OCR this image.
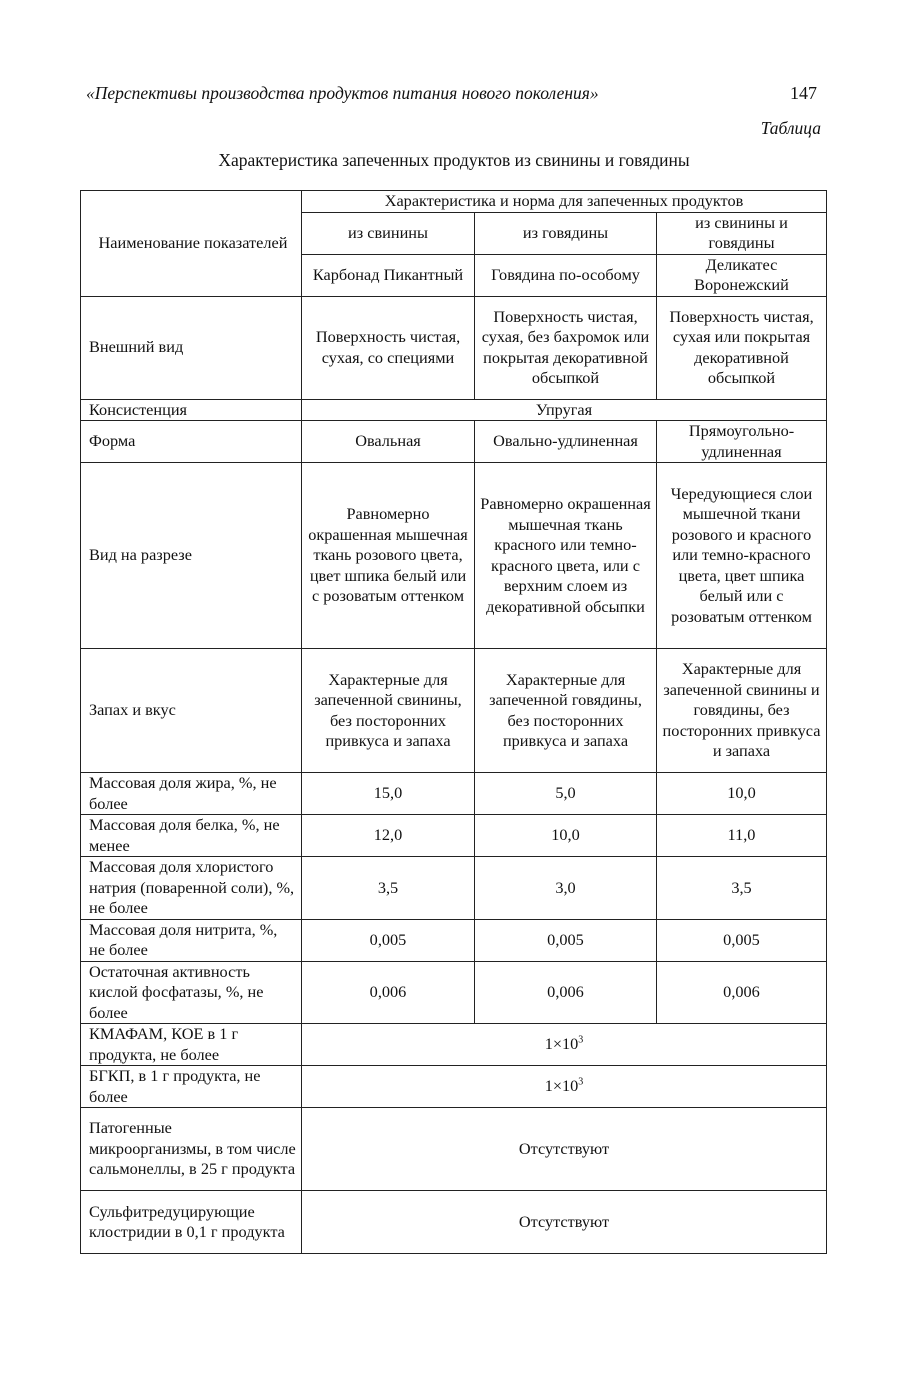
«Перспективы производства продуктов питания нового поколения»	147
Таблица
Характеристика запеченных продуктов из свинины и говядины
Наименование показателей	Характеристика и норма для запеченных продуктов		
	из свинины	из говядины	из свинины и говядины
	Карбонад Пикантный	Говядина по-особому	Деликатес Воронежский
Внешний вид	Поверхность чистая, сухая, со специями	Поверхность чистая, сухая, без бахромок или покрытая декоративной обсыпкой	Поверхность чистая, сухая или покрытая декоративной обсыпкой
Консистенция	Упругая		
Форма	Овальная	Овально-удлиненная	Прямоугольно-удлиненная
Вид на разрезе	Равномерно окрашенная мышечная ткань розового цвета, цвет шпика белый или с розоватым оттенком	Равномерно окрашенная мышечная ткань красного или темно-красного цвета, или с верхним слоем из декоративной обсыпки	Чередующиеся слои мышечной ткани розового и красного или темно-красного цвета, цвет шпика белый или с розоватым оттенком
Запах и вкус	Характерные для запеченной свинины, без посторонних привкуса и запаха	Характерные для запеченной говядины, без посторонних привкуса и запаха	Характерные для запеченной свинины и говядины, без посторонних привкуса и запаха
Массовая доля жира, %, не более	15,0	5,0	10,0
Массовая доля белка, %, не менее	12,0	10,0	11,0
Массовая доля хлористого натрия (поваренной соли), %, не более	3,5	3,0	3,5
Массовая доля нитрита, %, не более	0,005	0,005	0,005
Остаточная активность кислой фосфатазы, %, не более	0,006	0,006	0,006
КМАФАМ, КОЕ в 1 г продукта, не более	$1\times 10^3$
БГКП, в 1 г продукта, не более	$1\times 10^3$
Патогенные микроорганизмы, в том числе сальмонеллы, в 25 г продукта	Отсутствуют		
Сульфитредуцирующие клостридии в 0,1 г продукта	Отсутствуют		
